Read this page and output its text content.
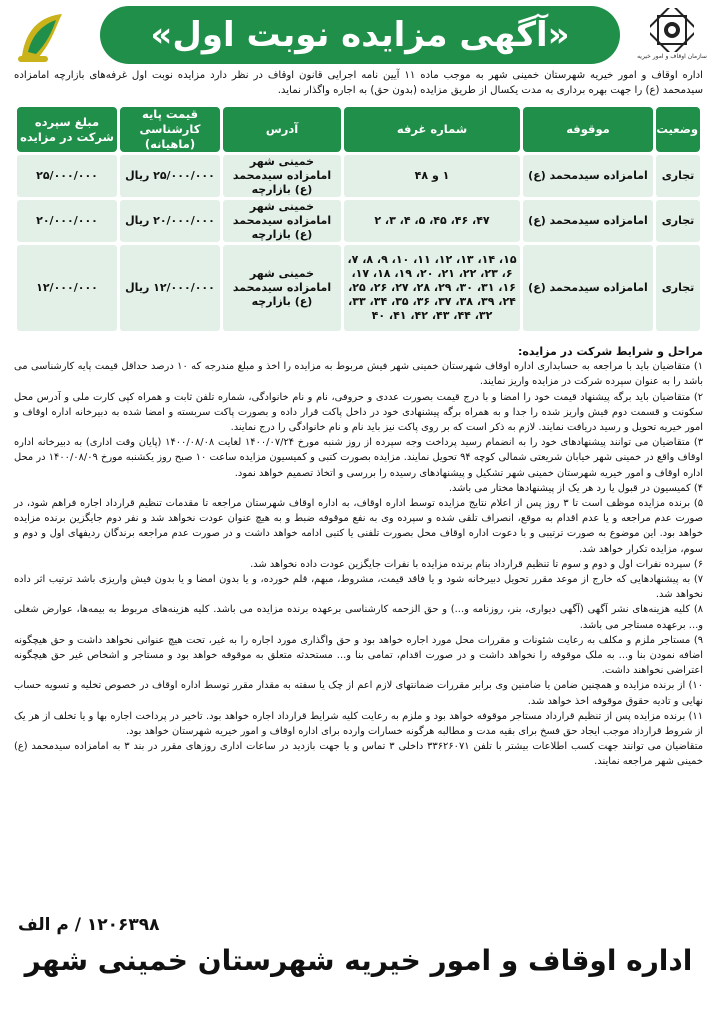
سازمان اوقاف و امور خیریه
«آگهی مزایده نوبت اول»
اداره اوقاف و امور خیریه شهرستان خمینی شهر به موجب ماده ۱۱ آیین نامه اجرایی قانون اوقاف در نظر دارد مزایده نوبت اول غرفه‌های بازارچه امامزاده سیدمحمد (ع) را جهت بهره برداری به مدت یکسال از طریق مزایده (بدون حق) به اجاره واگذار نماید.
وضعیت	موقوفه	شماره غرفه	آدرس	قیمت پایه کارشناسی (ماهیانه)	مبلغ سپرده شرکت در مزایده
تجاری	امامزاده سیدمحمد (ع)	۱ و ۴۸	خمینی شهر امامزاده سیدمحمد (ع) بازارچه	۲۵/۰۰۰/۰۰۰ ریال	۲۵/۰۰۰/۰۰۰
تجاری	امامزاده سیدمحمد (ع)	۴۷، ۴۶، ۴۵، ۵، ۴، ۳، ۲	خمینی شهر امامزاده سیدمحمد (ع) بازارچه	۲۰/۰۰۰/۰۰۰ ریال	۲۰/۰۰۰/۰۰۰
تجاری	امامزاده سیدمحمد (ع)	۱۵، ۱۴، ۱۳، ۱۲، ۱۱، ۱۰، ۹، ۸، ۷، ۶، ۲۳، ۲۲، ۲۱، ۲۰، ۱۹، ۱۸، ۱۷، ۱۶، ۳۱، ۳۰، ۲۹، ۲۸، ۲۷، ۲۶، ۲۵، ۲۴، ۳۹، ۳۸، ۳۷، ۳۶، ۳۵، ۳۴، ۳۳، ۳۲، ۴۴، ۴۳، ۴۲، ۴۱، ۴۰	خمینی شهر امامزاده سیدمحمد (ع) بازارچه	۱۲/۰۰۰/۰۰۰ ریال	۱۲/۰۰۰/۰۰۰

مراحل و شرایط شرکت در مزایده:

۱) متقاضیان باید با مراجعه به حسابداری اداره اوقاف شهرستان خمینی شهر فیش مربوط به مزایده را اخذ و مبلغ مندرجه که ۱۰ درصد حداقل قیمت پایه کارشناسی می باشد را به عنوان سپرده شرکت در مزایده واریز نمایند.

۲) متقاضیان باید برگه پیشنهاد قیمت خود را امضا و با درج قیمت بصورت عددی و حروفی، نام و نام خانوادگی، شماره تلفن ثابت و همراه کپی کارت ملی و آدرس محل سکونت و قسمت دوم فیش واریز شده را جدا و به همراه برگه پیشنهادی خود در داخل پاکت قرار داده و بصورت پاکت سربسته و امضا شده به دبیرخانه اداره اوقاف و امور خیریه تحویل و رسید دریافت نمایند. لازم به ذکر است که بر روی پاکت نیز باید نام و نام خانوادگی را درج نمایند.

۳) متقاضیان می توانند پیشنهادهای خود را به انضمام رسید پرداخت وجه سپرده از روز شنبه مورخ ۱۴۰۰/۰۷/۲۴ لغایت ۱۴۰۰/۰۸/۰۸ (پایان وقت اداری) به دبیرخانه اداره اوقاف واقع در خمینی شهر خیابان شریعتی شمالی کوچه ۹۴ تحویل نمایند. مزایده بصورت کتبی و کمیسیون مزایده ساعت ۱۰ صبح روز یکشنبه مورخ ۱۴۰۰/۰۸/۰۹ در محل اداره اوقاف و امور خیریه شهرستان خمینی شهر تشکیل و پیشنهادهای رسیده را بررسی و اتخاذ تصمیم خواهد نمود.

۴) کمیسیون در قبول یا رد هر یک از پیشنهادها مختار می باشد.

۵) برنده مزایده موظف است تا ۳ روز پس از اعلام نتایج مزایده توسط اداره اوقاف، به اداره اوقاف شهرستان مراجعه تا مقدمات تنظیم قرارداد اجاره فراهم شود، در صورت عدم مراجعه و یا عدم اقدام به موقع، انصراف تلقی شده و سپرده وی به نفع موقوفه ضبط و به هیچ عنوان عودت نخواهد شد و نفر دوم جایگزین برنده مزایده خواهد بود. این موضوع به صورت ترتیبی و با دعوت اداره اوقاف محل بصورت تلفنی یا کتبی ادامه خواهد داشت و در صورت عدم مراجعه برندگان ردیفهای اول و دوم و سوم، مزایده تکرار خواهد شد.

۶) سپرده نفرات اول و دوم و سوم تا تنظیم قرارداد بنام برنده مزایده با نفرات جایگزین عودت داده نخواهد شد.

۷) به پیشنهادهایی که خارج از موعد مقرر تحویل دبیرخانه شود و یا فاقد قیمت، مشروط، مبهم، قلم خورده، و یا بدون امضا و یا بدون فیش واریزی باشد ترتیب اثر داده نخواهد شد.

۸) کلیه هزینه‌های نشر آگهی (آگهی دیواری، بنر، روزنامه و...) و حق الزحمه کارشناسی برعهده برنده مزایده می باشد. کلیه هزینه‌های مربوط به بیمه‌ها، عوارض شغلی و... برعهده مستاجر می باشد.

۹) مستاجر ملزم و مکلف به رعایت شئونات و مقررات محل مورد اجاره خواهد بود و حق واگذاری مورد اجاره را به غیر، تحت هیچ عنوانی نخواهد داشت و حق هیچگونه اضافه نمودن بنا و... به ملک موقوفه را نخواهد داشت و در صورت اقدام، تمامی بنا و... مستحدثه متعلق به موقوفه خواهد بود و مستاجر و اشخاص غیر حق هیچگونه اعتراضی نخواهند داشت.

۱۰) از برنده مزایده و همچنین ضامن یا ضامنین وی برابر مقررات ضمانتهای لازم اعم از چک یا سفته به مقدار مقرر توسط اداره اوقاف در خصوص تخلیه و تسویه حساب نهایی و تادیه حقوق موقوفه اخذ خواهد شد.

۱۱) برنده مزایده پس از تنظیم قرارداد مستاجر موقوفه خواهد بود و ملزم به رعایت کلیه شرایط قرارداد اجاره خواهد بود. تاخیر در پرداخت اجاره بها و یا تخلف از هر یک از شروط قرارداد موجب ایجاد حق فسخ برای بقیه مدت و مطالبه هرگونه خسارات وارده برای اداره اوقاف و امور خیریه شهرستان خواهد بود.

متقاضیان می توانند جهت کسب اطلاعات بیشتر با تلفن ۳۳۶۲۶۰۷۱ داخلی ۳ تماس و یا جهت بازدید در ساعات اداری روزهای مقرر در بند ۳ به امامزاده سیدمحمد (ع) خمینی شهر مراجعه نمایند.

۱۲۰۶۳۹۸ / م الف
اداره اوقاف و امور خیریه شهرستان خمینی شهر
